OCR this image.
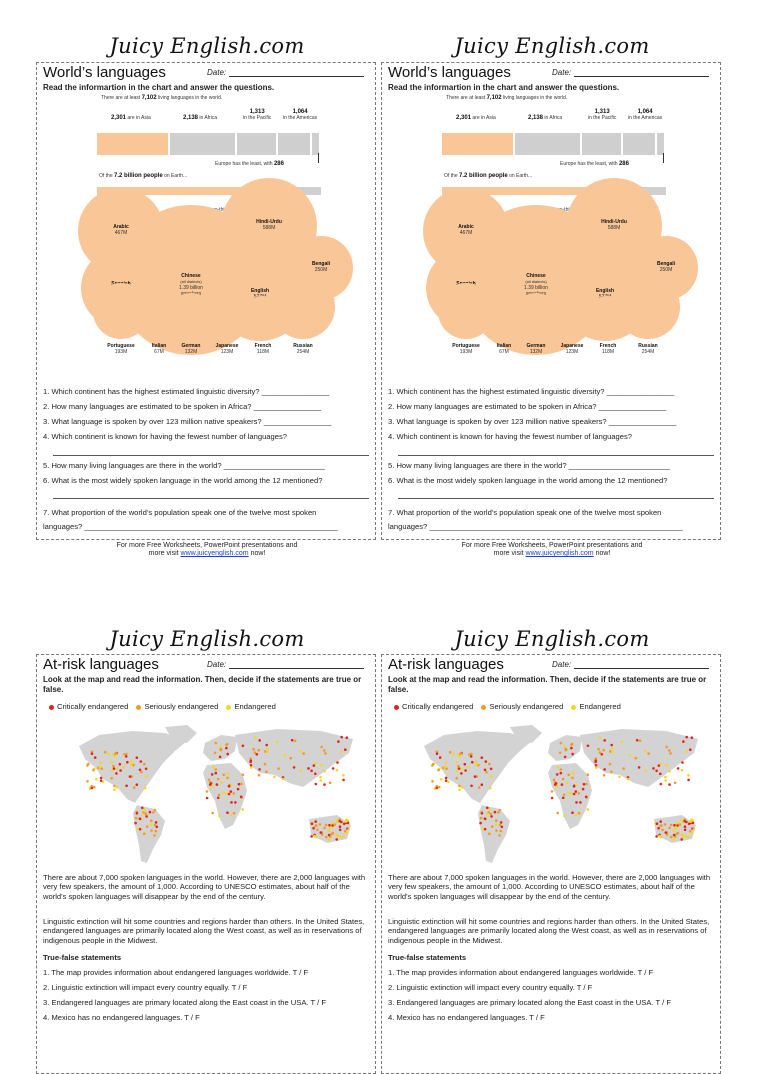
Juicy English.com
World’s languages	Date:
Read the informartion in the chart and answer the questions.
There are at least 7,102 living languages in the world.
2,301 are in Asia	2,138 in Africa
1,313
in the Pacific
1,064
in the Americas
Europe has the least, with 286
Of the 7.2 billion people on Earth...
Arabic
467M
Hindi-Urdu
588M
Bengali
250M
Chinese
(all dialects)
1.39 billion	English

Portuguese
193M
Italian
67M
German
132M
Japanese
123M
French
118M
Russian
254M
1. Which continent has the highest estimated linguistic diversity? ________________
2. How many languages are estimated to be spoken in Africa? ________________
3. What language is spoken by over 123 million native speakers? ________________
4. Which continent is known for having the fewest number of languages?
5. How many living languages are there in the world? ________________________
6. What is the most widely spoken language in the world among the 12 mentioned?
7. What proportion of the world’s population speak one of the twelve most spoken
languages? ____________________________________________________________
For more Free Worksheets, PowerPoint presentations and
more visit www.juicyenglish.com now!
Juicy English.com
World’s languages	Date:
Read the informartion in the chart and answer the questions.
There are at least 7,102 living languages in the world.
2,301 are in Asia	2,138 in Africa
1,313
in the Pacific
1,064
in the Americas
Europe has the least, with 286
Of the 7.2 billion people on Earth...
Arabic
467M
Hindi-Urdu
588M
Bengali
250M
Chinese
(all dialects)
1.39 billion	English

Portuguese
193M
Italian
67M
German
132M
Japanese
123M
French
118M
Russian
254M
1. Which continent has the highest estimated linguistic diversity? ________________
2. How many languages are estimated to be spoken in Africa? ________________
3. What language is spoken by over 123 million native speakers? ________________
4. Which continent is known for having the fewest number of languages?
5. How many living languages are there in the world? ________________________
6. What is the most widely spoken language in the world among the 12 mentioned?
7. What proportion of the world’s population speak one of the twelve most spoken
languages? ____________________________________________________________
For more Free Worksheets, PowerPoint presentations and
more visit www.juicyenglish.com now!
Juicy English.com
At-risk languages	Date:
Look at the map and read the information. Then, decide if the statements are true or false.
Critically endangered Seriously endangered Endangered
There are about 7,000 spoken languages in the world. However, there are 2,000 languages with very few speakers, the amount of 1,000. According to UNESCO estimates, about half of the world's spoken languages will disappear by the end of the century.
Linguistic extinction will hit some countries and regions harder than others. In the United States, endangered languages are primarily located along the West coast, as well as in reservations of indigenous people in the Midwest.
True-false statements
1. The map provides information about endangered languages worldwide. T / F
2. Linguistic extinction will impact every country equally. T / F
3. Endangered languages are primary located along the East coast in the USA. T / F
4. Mexico has no endangered languages. T / F
Juicy English.com
At-risk languages	Date:
Look at the map and read the information. Then, decide if the statements are true or false.
Critically endangered Seriously endangered Endangered
There are about 7,000 spoken languages in the world. However, there are 2,000 languages with very few speakers, the amount of 1,000. According to UNESCO estimates, about half of the world's spoken languages will disappear by the end of the century.
Linguistic extinction will hit some countries and regions harder than others. In the United States, endangered languages are primarily located along the West coast, as well as in reservations of indigenous people in the Midwest.
True-false statements
1. The map provides information about endangered languages worldwide. T / F
2. Linguistic extinction will impact every country equally. T / F
3. Endangered languages are primary located along the East coast in the USA. T / F
4. Mexico has no endangered languages. T / F
